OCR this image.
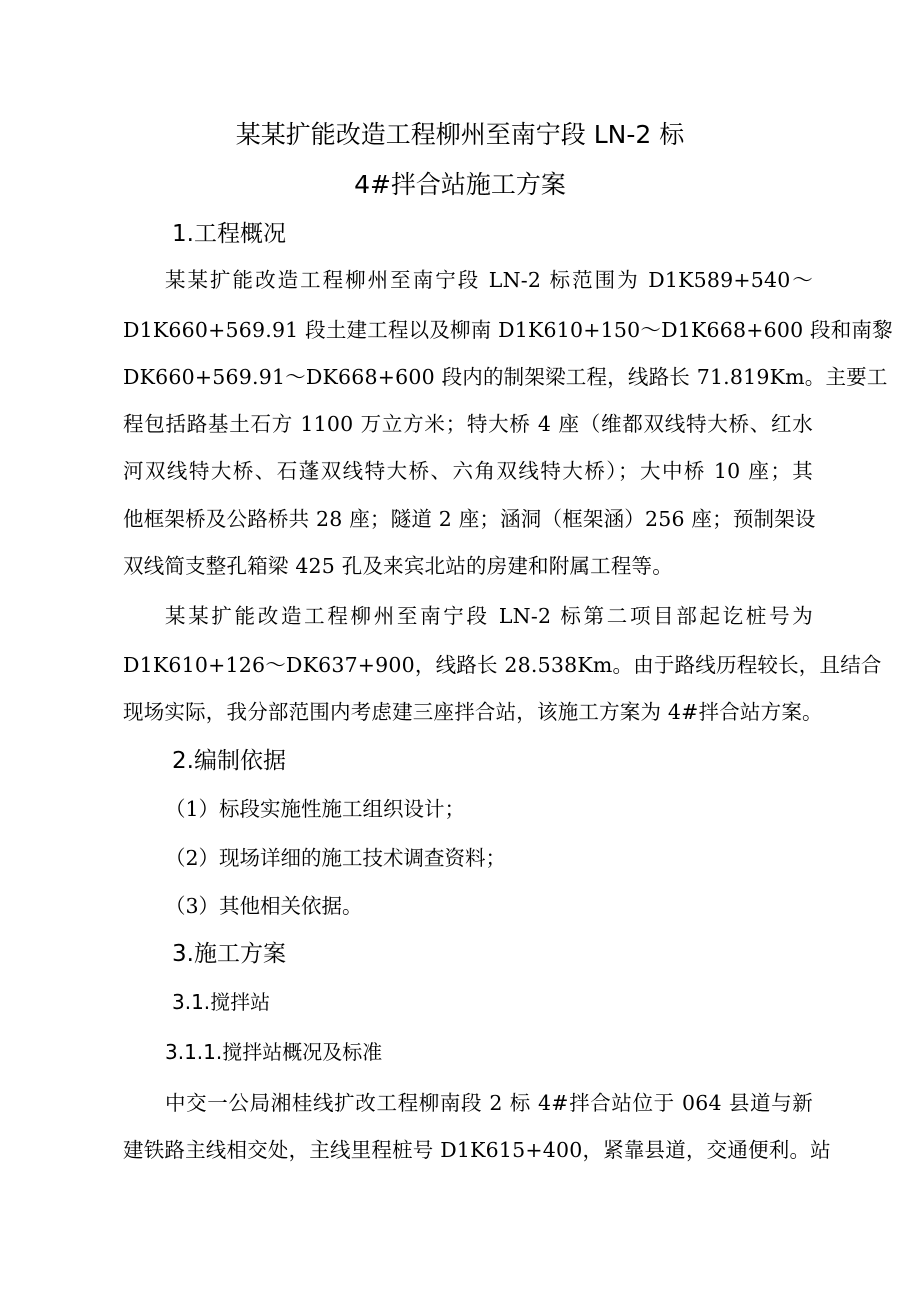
某某扩能改造工程柳州至南宁段 LN-2 标
4#拌合站施工方案
1.工程概况
某某扩能改造工程柳州至南宁段 LN-2 标范围为 D1K589+540～
D1K660+569.91 段土建工程以及柳南 D1K610+150～D1K668+600 段和南黎
DK660+569.91～DK668+600 段内的制架梁工程，线路长 71.819Km。主要工
程包括路基土石方 1100 万立方米；特大桥 4 座（维都双线特大桥、红水
河双线特大桥、石蓬双线特大桥、六角双线特大桥）；大中桥 10 座；其
他框架桥及公路桥共 28 座；隧道 2 座；涵洞（框架涵）256 座；预制架设
双线简支整孔箱梁 425 孔及来宾北站的房建和附属工程等。
某某扩能改造工程柳州至南宁段 LN-2 标第二项目部起讫桩号为
D1K610+126～DK637+900，线路长 28.538Km。由于路线历程较长，且结合
现场实际，我分部范围内考虑建三座拌合站，该施工方案为 4#拌合站方案。
2.编制依据
（1）标段实施性施工组织设计；
（2）现场详细的施工技术调查资料；
（3）其他相关依据。
3.施工方案
3.1.搅拌站
3.1.1.搅拌站概况及标准
中交一公局湘桂线扩改工程柳南段 2 标 4#拌合站位于 064 县道与新
建铁路主线相交处，主线里程桩号 D1K615+400，紧靠县道，交通便利。站
